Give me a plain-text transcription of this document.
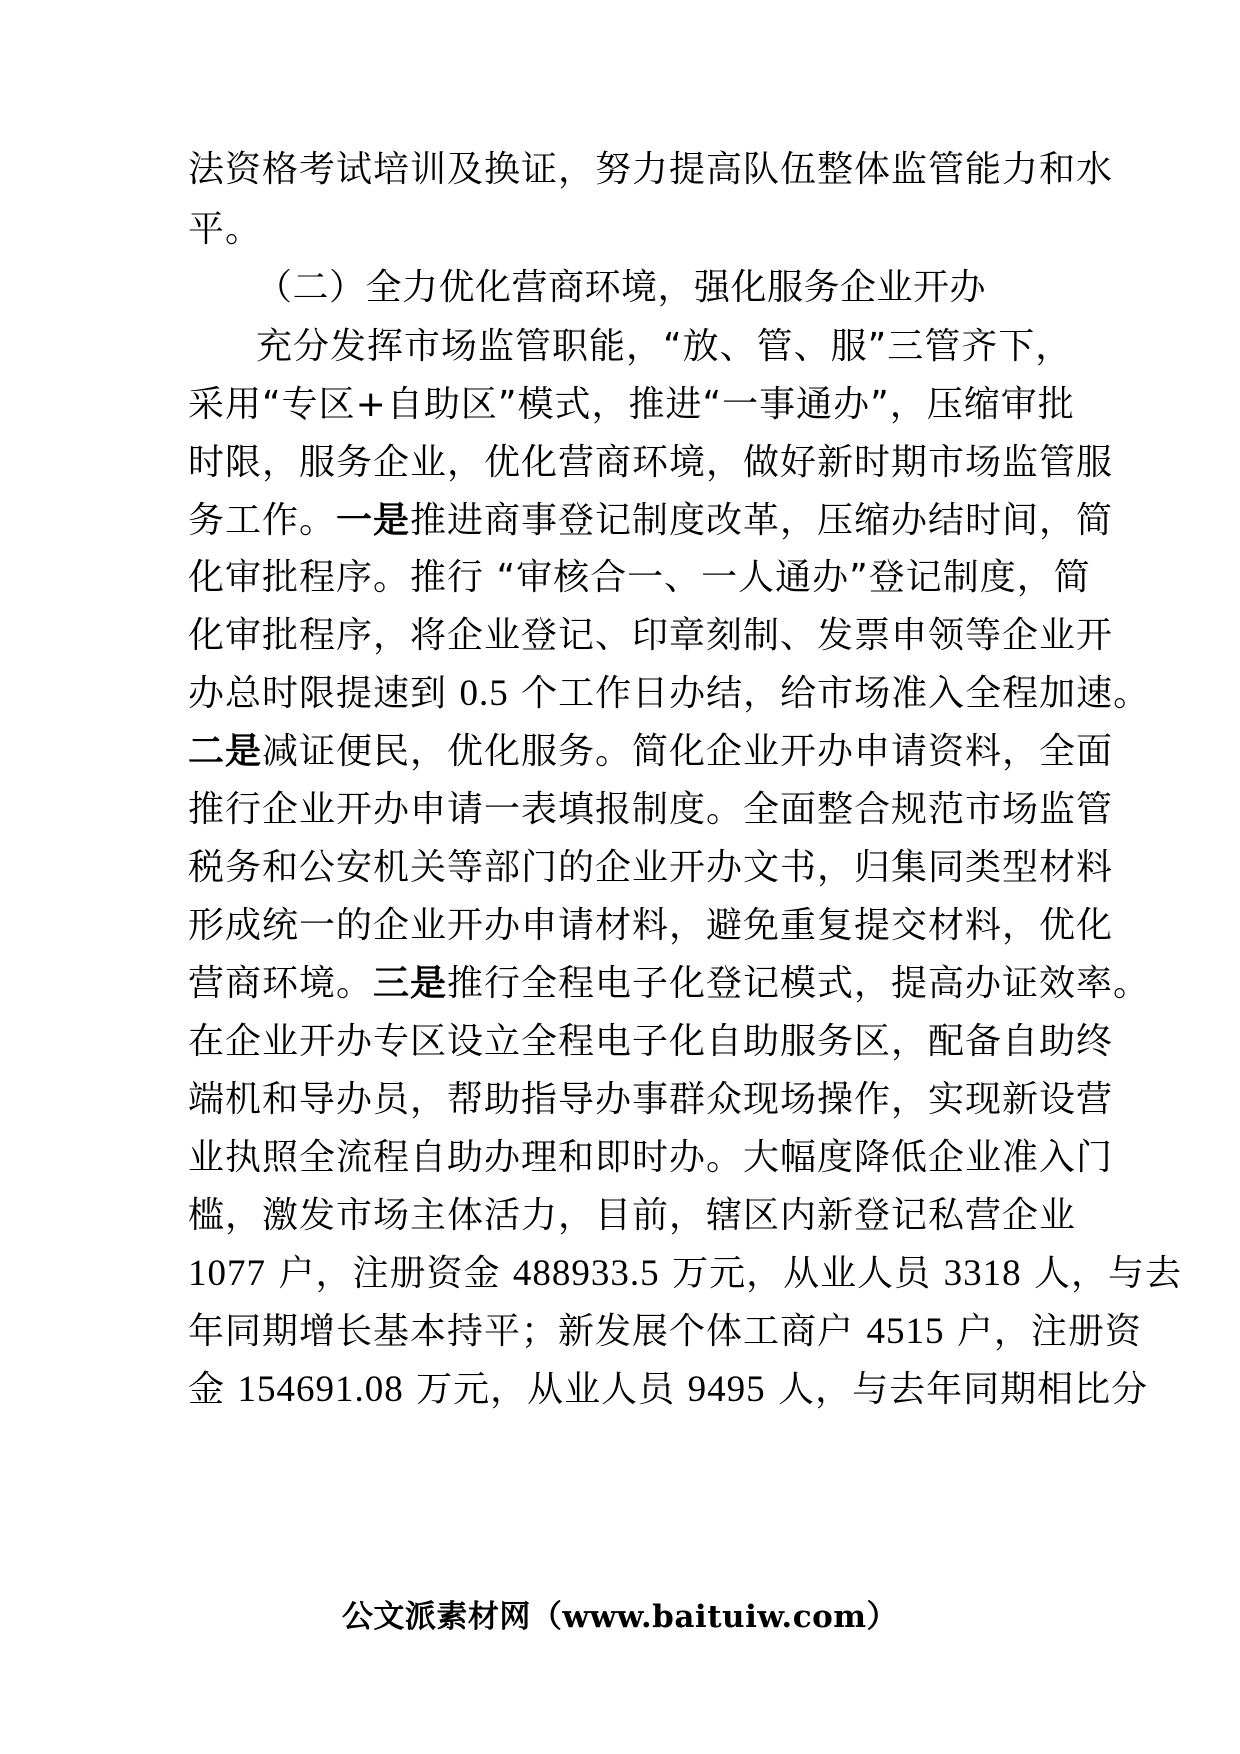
法资格考试培训及换证，努力提高队伍整体监管能力和水
平。
（二）全力优化营商环境，强化服务企业开办
充分发挥市场监管职能，“放、管、服”三管齐下，
采用“专区+自助区”模式，推进“一事通办”，压缩审批
时限，服务企业，优化营商环境，做好新时期市场监管服
务工作。一是推进商事登记制度改革，压缩办结时间，简
化审批程序。推行 “审核合一、一人通办”登记制度，简
化审批程序，将企业登记、印章刻制、发票申领等企业开
办总时限提速到 0.5 个工作日办结，给市场准入全程加速。
二是减证便民，优化服务。简化企业开办申请资料，全面
推行企业开办申请一表填报制度。全面整合规范市场监管
税务和公安机关等部门的企业开办文书，归集同类型材料
形成统一的企业开办申请材料，避免重复提交材料，优化
营商环境。三是推行全程电子化登记模式，提高办证效率。
在企业开办专区设立全程电子化自助服务区，配备自助终
端机和导办员，帮助指导办事群众现场操作，实现新设营
业执照全流程自助办理和即时办。大幅度降低企业准入门
槛，激发市场主体活力，目前，辖区内新登记私营企业
1077 户，注册资金 488933.5 万元，从业人员 3318 人，与去
年同期增长基本持平；新发展个体工商户 4515 户，注册资
金 154691.08 万元，从业人员 9495 人，与去年同期相比分
公文派素材网（www.baituiw.com）
